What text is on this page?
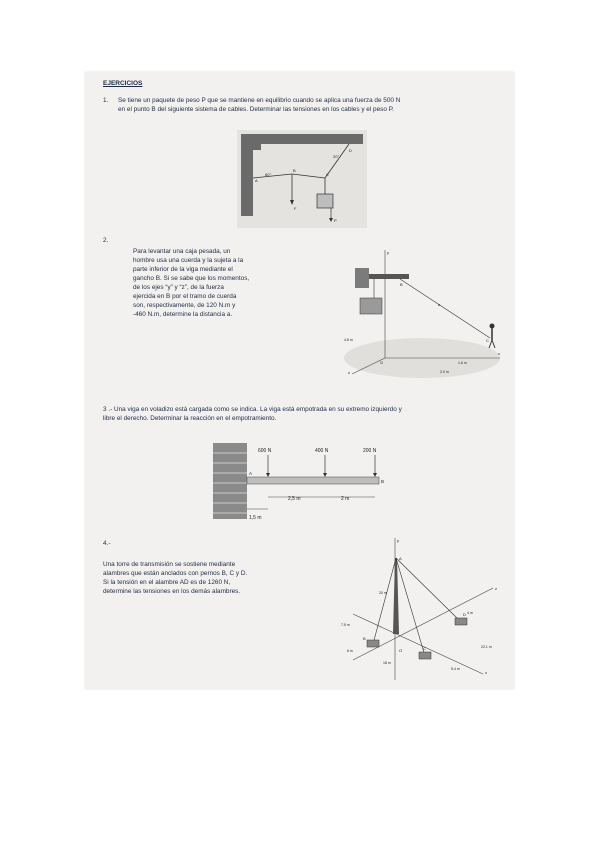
EJERCICIOS
1. Se tiene un paquete de peso P que se mantiene en equilibrio cuando se aplica una fuerza de 500 N
en el punto B del siguiente sistema de cables. Determinar las tensiones en los cables y el peso P.
60°
20°
A
B
C
D
F
P
2.
Para levantar una caja pesada, un
hombre usa una cuerda y la sujeta a la
parte inferior de la viga mediante el
gancho B. Si se sabe que los momentos,
de los ejes “y” y “z”, de la fuerza
ejercida en B por el tramo de cuerda
son, respectivamente, de 120 N.m y
-460 N.m, determine la distancia a.
y
x
z
O
B
C
a
4.8 m
1.6 m
2.0 m
3 .- Una viga en voladizo está cargada como se indica. La viga está empotrada en su extremo izquierdo y
libre el derecho. Determinar la reacción en el empotramiento.
600 N	400 N	200 N
A
B
2,5 m	2 m
1,5 m
4.-
Una torre de transmisión se sostiene mediante
alambres que están anclados con pernos B, C y D.
Si la tensión en el alambre AD es de 1260 N,
determine las tensiones en los demás alambres.
y
x
z
O
A
B
D
C
20 m
7.5 m
6 m
18 m
4 m
22.1 m
5.4 m
